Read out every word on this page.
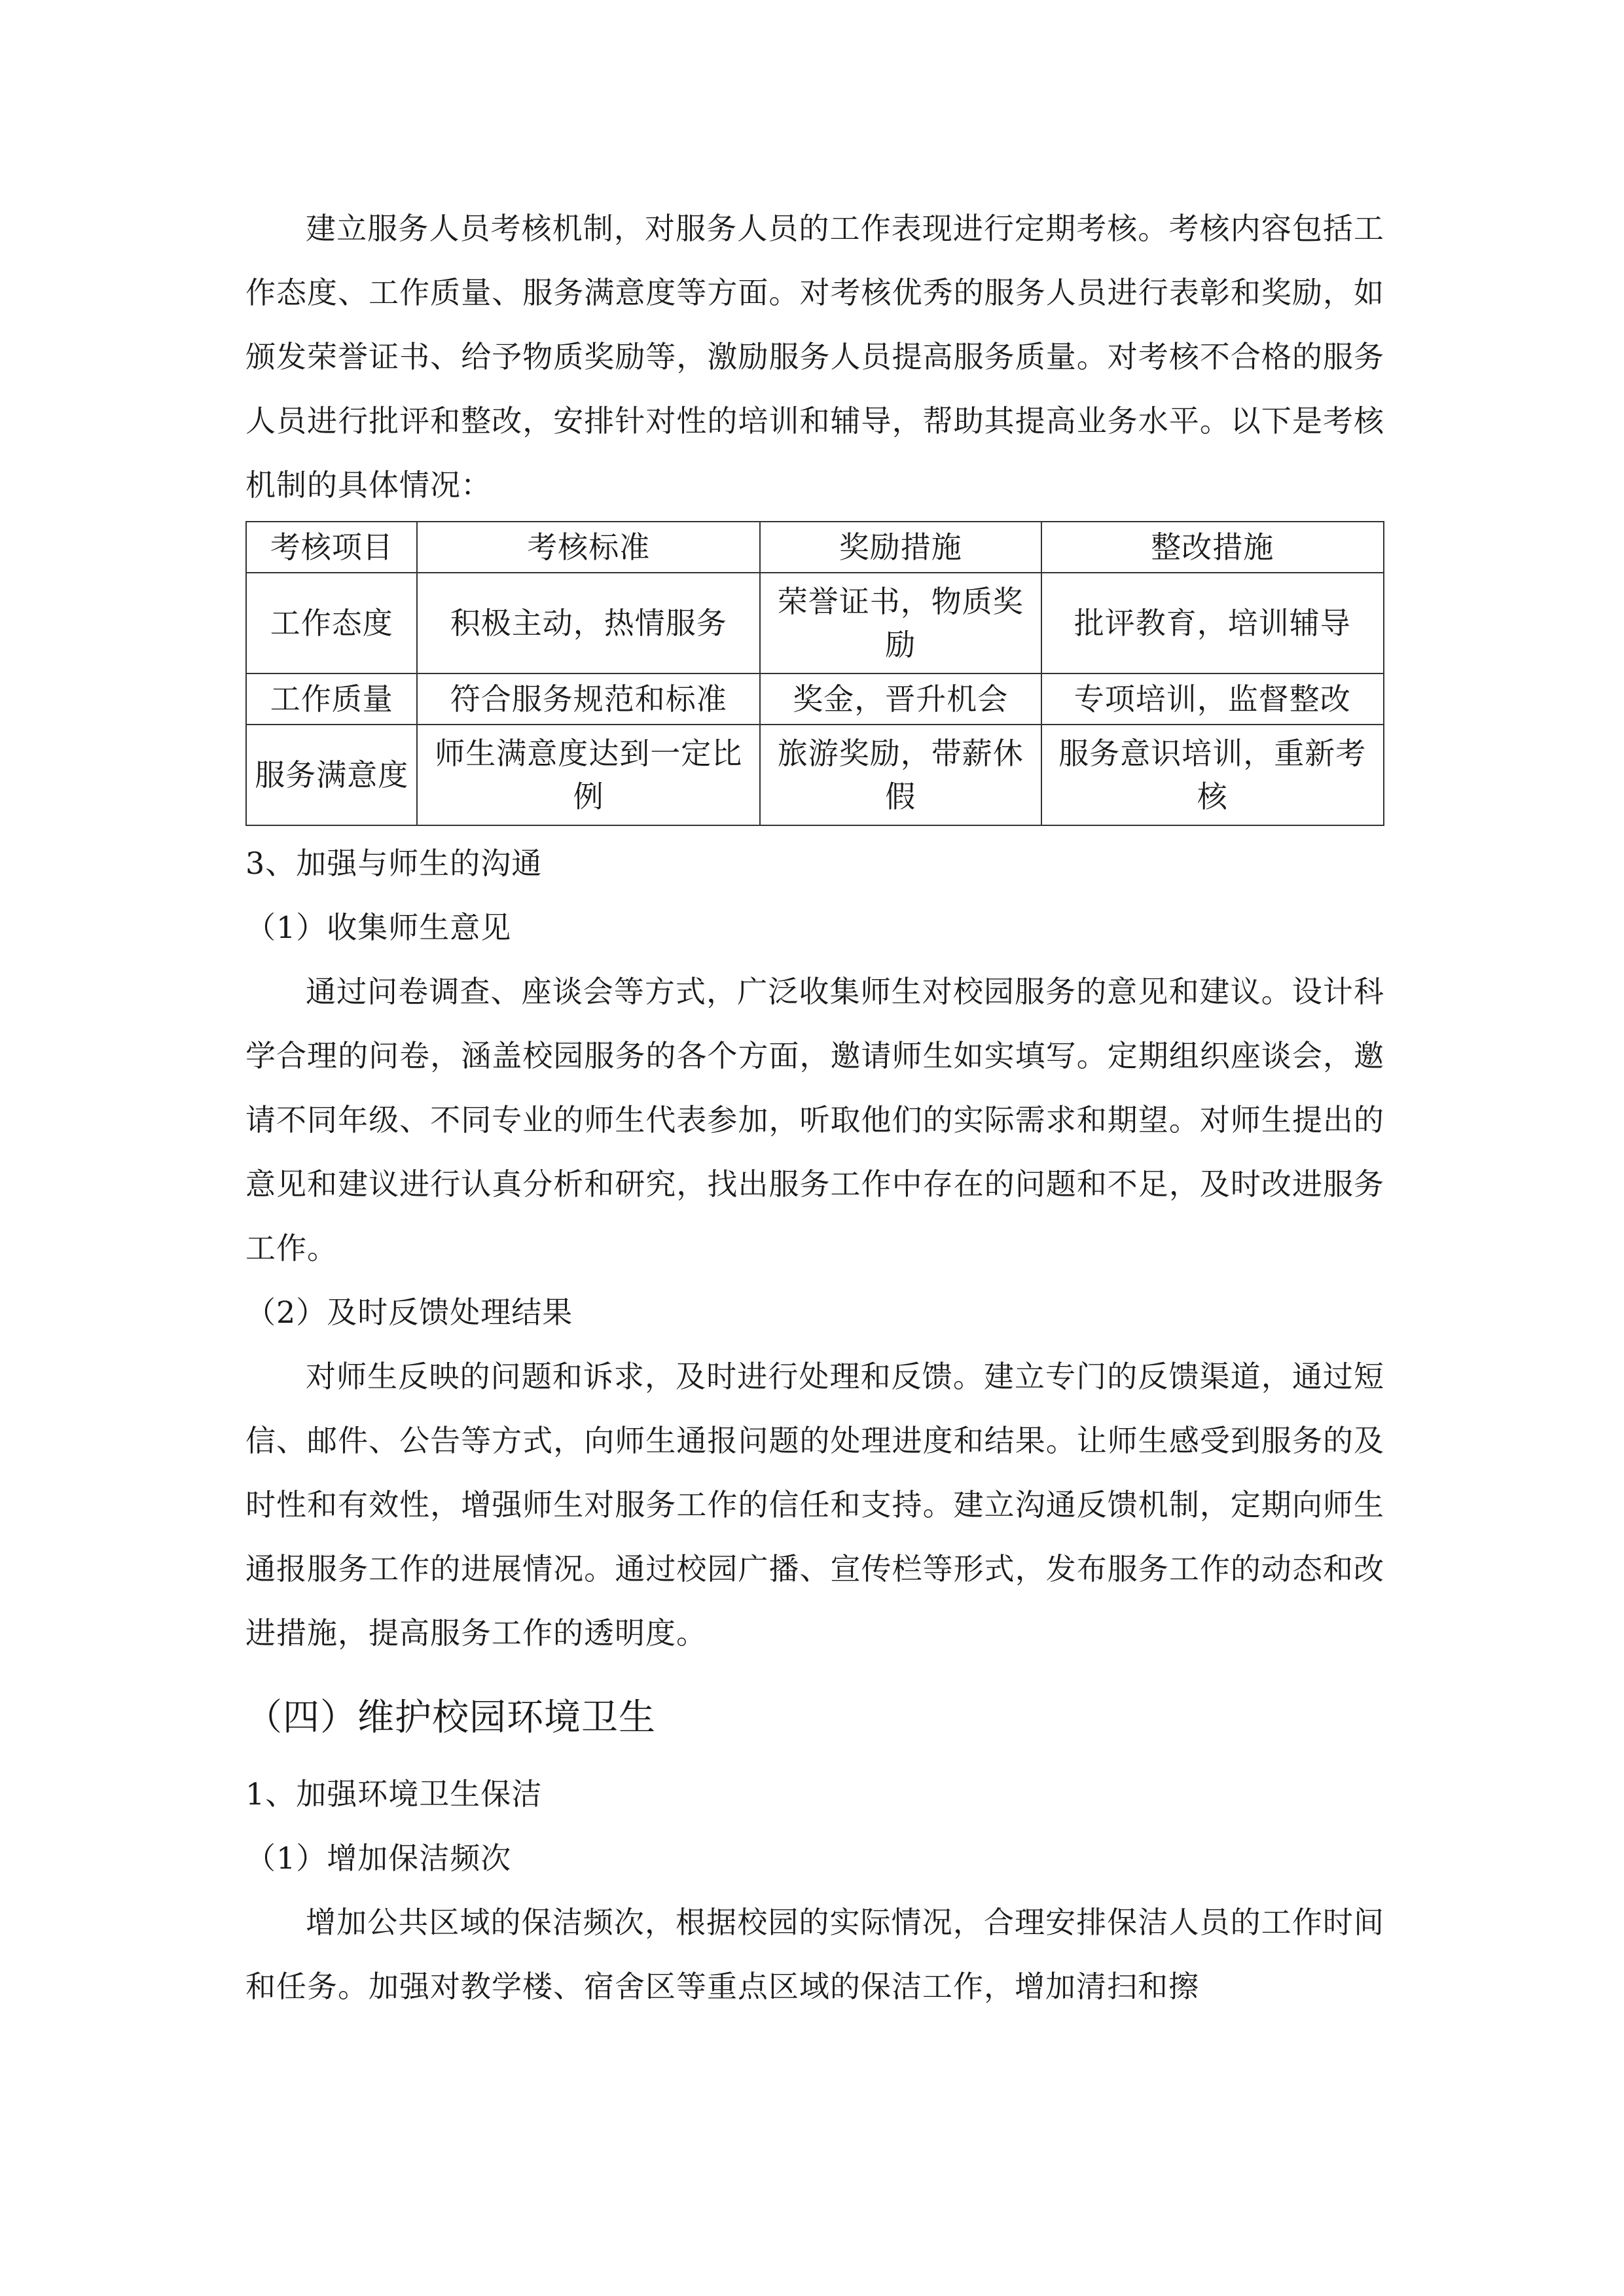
建立服务人员考核机制，对服务人员的工作表现进行定期考核。考核内容包括工作态度、工作质量、服务满意度等方面。对考核优秀的服务人员进行表彰和奖励，如颁发荣誉证书、给予物质奖励等，激励服务人员提高服务质量。对考核不合格的服务人员进行批评和整改，安排针对性的培训和辅导，帮助其提高业务水平。以下是考核机制的具体情况：

考核项目	考核标准	奖励措施	整改措施
工作态度	积极主动，热情服务	荣誉证书，物质奖励	批评教育，培训辅导
工作质量	符合服务规范和标准	奖金，晋升机会	专项培训，监督整改
服务满意度	师生满意度达到一定比例	旅游奖励，带薪休假	服务意识培训，重新考核

3、加强与师生的沟通

（1）收集师生意见

通过问卷调查、座谈会等方式，广泛收集师生对校园服务的意见和建议。设计科学合理的问卷，涵盖校园服务的各个方面，邀请师生如实填写。定期组织座谈会，邀请不同年级、不同专业的师生代表参加，听取他们的实际需求和期望。对师生提出的意见和建议进行认真分析和研究，找出服务工作中存在的问题和不足，及时改进服务工作。

（2）及时反馈处理结果

对师生反映的问题和诉求，及时进行处理和反馈。建立专门的反馈渠道，通过短信、邮件、公告等方式，向师生通报问题的处理进度和结果。让师生感受到服务的及时性和有效性，增强师生对服务工作的信任和支持。建立沟通反馈机制，定期向师生通报服务工作的进展情况。通过校园广播、宣传栏等形式，发布服务工作的动态和改进措施，提高服务工作的透明度。

（四）维护校园环境卫生

1、加强环境卫生保洁

（1）增加保洁频次

增加公共区域的保洁频次，根据校园的实际情况，合理安排保洁人员的工作时间和任务。加强对教学楼、宿舍区等重点区域的保洁工作，增加清扫和擦
